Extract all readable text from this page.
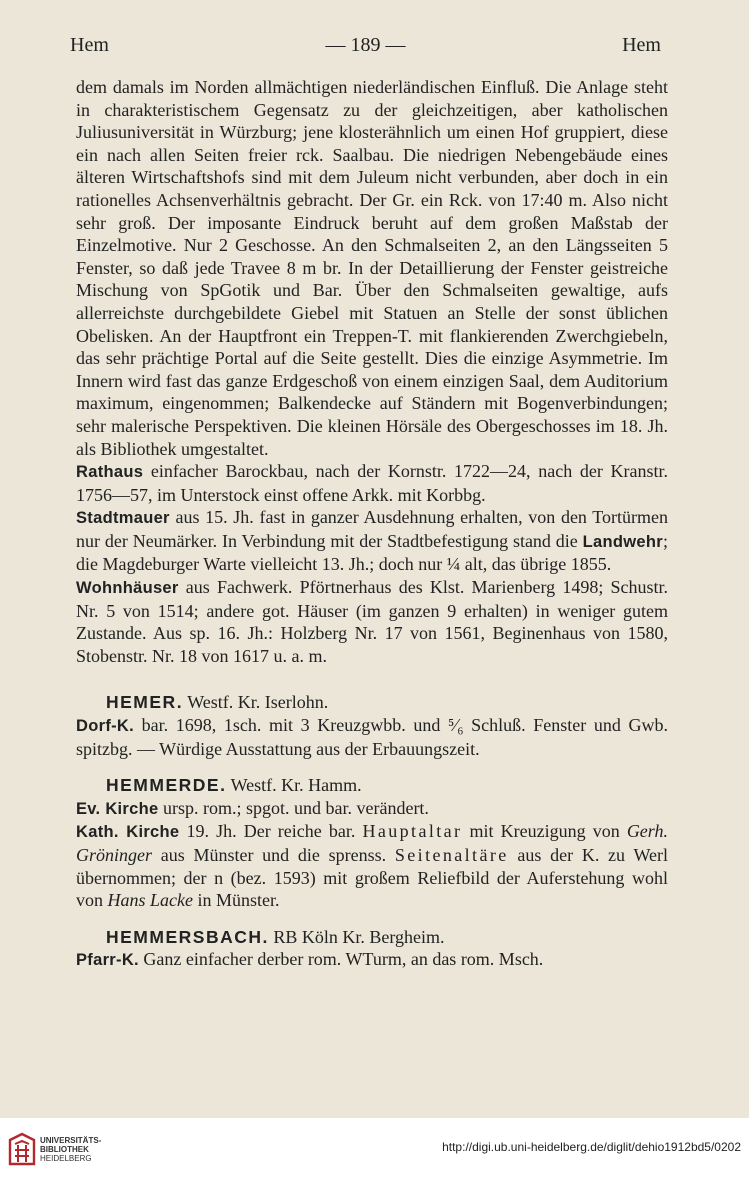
Hem	— 189 —	Hem

dem damals im Norden allmächtigen niederländischen Einfluß. Die Anlage steht in charakteristischem Gegensatz zu der gleichzeitigen, aber katholischen Juliusuniversität in Würzburg; jene klosterähnlich um einen Hof gruppiert, diese ein nach allen Seiten freier rck. Saalbau. Die niedrigen Nebengebäude eines älteren Wirtschaftshofs sind mit dem Juleum nicht verbunden, aber doch in ein rationelles Achsenverhältnis gebracht. Der Gr. ein Rck. von 17:40 m. Also nicht sehr groß. Der imposante Eindruck beruht auf dem großen Maßstab der Einzelmotive. Nur 2 Geschosse. An den Schmalseiten 2, an den Längsseiten 5 Fenster, so daß jede Travee 8 m br. In der Detaillierung der Fenster geistreiche Mischung von SpGotik und Bar. Über den Schmalseiten gewaltige, aufs allerreichste durchgebildete Giebel mit Statuen an Stelle der sonst üblichen Obelisken. An der Hauptfront ein Treppen-T. mit flankierenden Zwerchgiebeln, das sehr prächtige Portal auf die Seite gestellt. Dies die einzige Asymmetrie. Im Innern wird fast das ganze Erdgeschoß von einem einzigen Saal, dem Auditorium maximum, eingenommen; Balkendecke auf Ständern mit Bogenverbindungen; sehr malerische Perspektiven. Die kleinen Hörsäle des Obergeschosses im 18. Jh. als Bibliothek umgestaltet.

Rathaus einfacher Barockbau, nach der Kornstr. 1722—24, nach der Kranstr. 1756—57, im Unterstock einst offene Arkk. mit Korbbg.

Stadtmauer aus 15. Jh. fast in ganzer Ausdehnung erhalten, von den Tortürmen nur der Neumärker. In Verbindung mit der Stadtbefestigung stand die Landwehr; die Magdeburger Warte vielleicht 13. Jh.; doch nur ¼ alt, das übrige 1855.

Wohnhäuser aus Fachwerk. Pförtnerhaus des Klst. Marienberg 1498; Schustr. Nr. 5 von 1514; andere got. Häuser (im ganzen 9 erhalten) in weniger gutem Zustande. Aus sp. 16. Jh.: Holzberg Nr. 17 von 1561, Beginenhaus von 1580, Stobenstr. Nr. 18 von 1617 u. a. m.

HEMER. Westf. Kr. Iserlohn.

Dorf-K. bar. 1698, 1sch. mit 3 Kreuzgwbb. und ⁵⁄₆ Schluß. Fenster und Gwb. spitzbg. — Würdige Ausstattung aus der Erbauungszeit.

HEMMERDE. Westf. Kr. Hamm.

Ev. Kirche ursp. rom.; spgot. und bar. verändert.

Kath. Kirche 19. Jh. Der reiche bar. Hauptaltar mit Kreuzigung von Gerh. Gröninger aus Münster und die sprenss. Seitenaltäre aus der K. zu Werl übernommen; der n (bez. 1593) mit großem Reliefbild der Auferstehung wohl von Hans Lacke in Münster.

HEMMERSBACH. RB Köln Kr. Bergheim.

Pfarr-K. Ganz einfacher derber rom. WTurm, an das rom. Msch.

UNIVERSITÄTS-
BIBLIOTHEK
HEIDELBERG
http://digi.ub.uni-heidelberg.de/diglit/dehio1912bd5/0202
